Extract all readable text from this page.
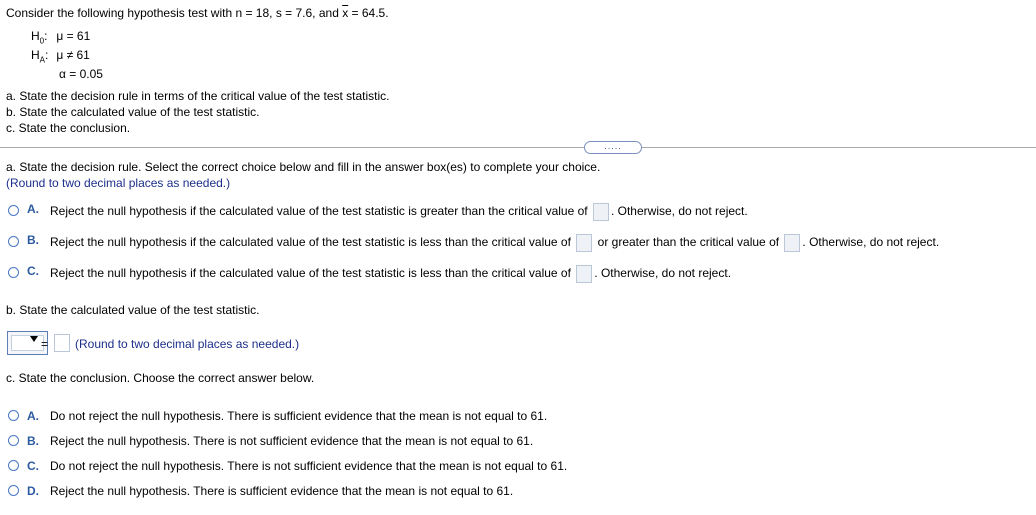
Consider the following hypothesis test with n = 18, s = 7.6, and $\overline{x} = 64.5$.
$H_0$: μ = 61
$H_A$: μ ≠ 61
α = 0.05
a. State the decision rule in terms of the critical value of the test statistic.
b. State the calculated value of the test statistic.
c. State the conclusion.
.....
a. State the decision rule. Select the correct choice below and fill in the answer box(es) to complete your choice.
(Round to two decimal places as needed.)
A. Reject the null hypothesis if the calculated value of the test statistic is greater than the critical value of . Otherwise, do not reject.
B. Reject the null hypothesis if the calculated value of the test statistic is less than the critical value of or greater than the critical value of . Otherwise, do not reject.
C. Reject the null hypothesis if the calculated value of the test statistic is less than the critical value of . Otherwise, do not reject.
b. State the calculated value of the test statistic.
= (Round to two decimal places as needed.)
c. State the conclusion. Choose the correct answer below.
A. Do not reject the null hypothesis. There is sufficient evidence that the mean is not equal to 61.
B. Reject the null hypothesis. There is not sufficient evidence that the mean is not equal to 61.
C. Do not reject the null hypothesis. There is not sufficient evidence that the mean is not equal to 61.
D. Reject the null hypothesis. There is sufficient evidence that the mean is not equal to 61.
